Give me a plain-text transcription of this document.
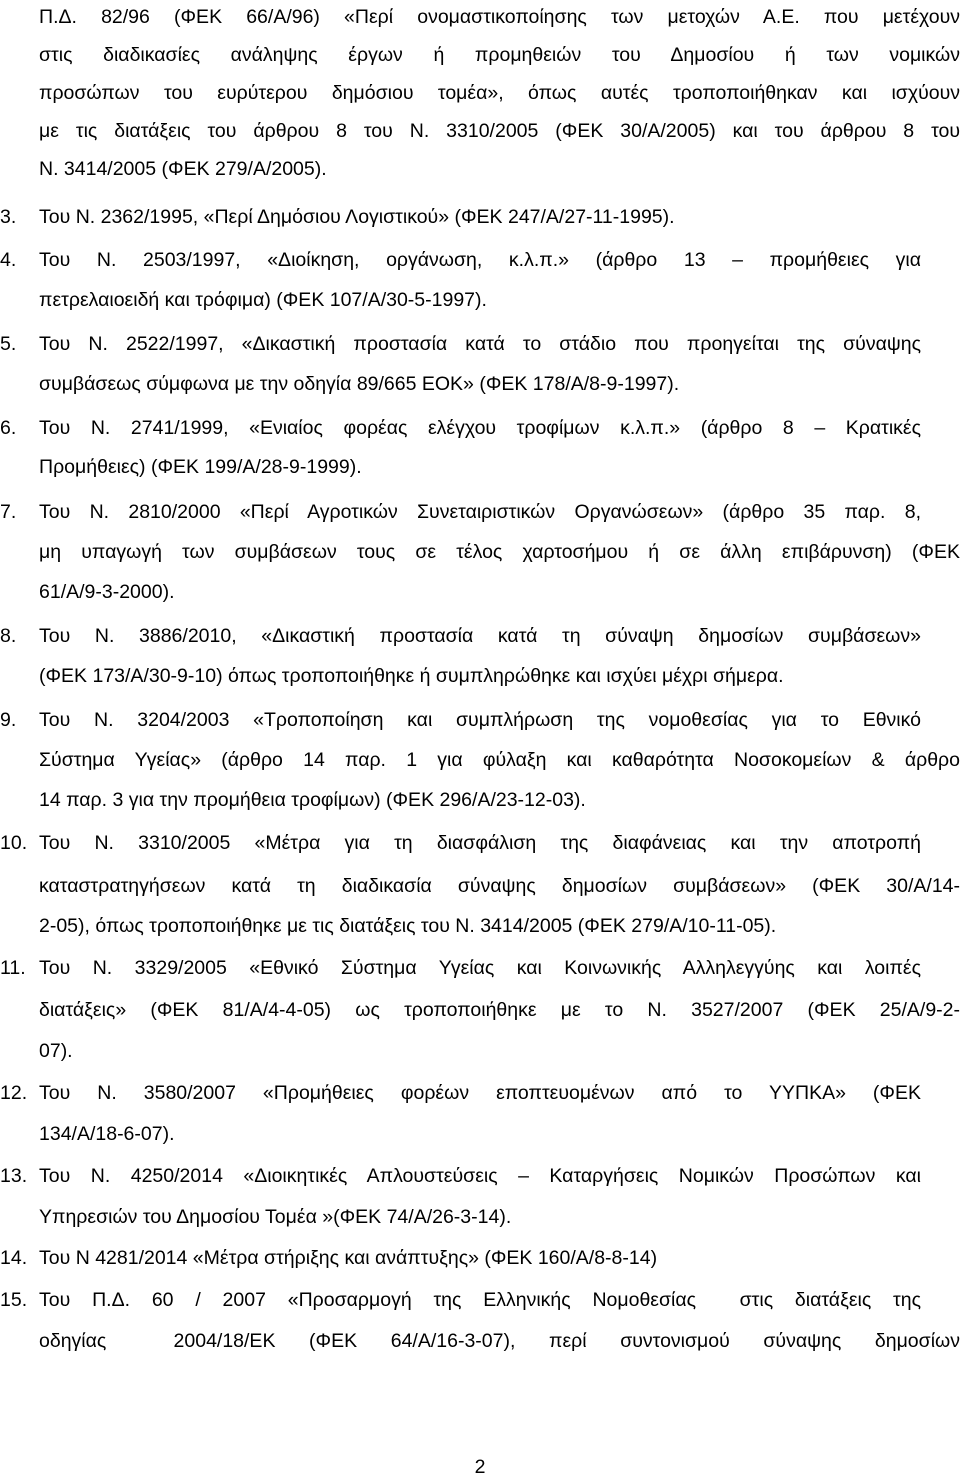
Π.Δ. 82/96 (ΦΕΚ 66/Α/96) «Περί ονομαστικοποίησης των μετοχών Α.Ε. που μετέχουν
στις διαδικασίες ανάληψης έργων ή προμηθειών του Δημοσίου ή των νομικών
προσώπων του ευρύτερου δημόσιου τομέα», όπως αυτές τροποποιήθηκαν και ισχύουν
με τις διατάξεις του άρθρου 8 του Ν. 3310/2005 (ΦΕΚ 30/Α/2005) και του άρθρου 8 του
Ν. 3414/2005 (ΦΕΚ 279/Α/2005).
3. Του Ν. 2362/1995, «Περί Δημόσιου Λογιστικού» (ΦΕΚ 247/Α/27-11-1995).
4. Του Ν. 2503/1997, «Διοίκηση, οργάνωση, κ.λ.π.» (άρθρο 13 – προμήθειες για
πετρελαιοειδή και τρόφιμα) (ΦΕΚ 107/Α/30-5-1997).
5. Του Ν. 2522/1997, «Δικαστική προστασία κατά το στάδιο που προηγείται της σύναψης
συμβάσεως σύμφωνα με την οδηγία 89/665 ΕΟΚ» (ΦΕΚ 178/Α/8-9-1997).
6. Του Ν. 2741/1999, «Ενιαίος φορέας ελέγχου τροφίμων κ.λ.π.» (άρθρο 8 – Κρατικές
Προμήθειες) (ΦΕΚ 199/Α/28-9-1999).
7. Του Ν. 2810/2000 «Περί Αγροτικών Συνεταιριστικών Οργανώσεων» (άρθρο 35 παρ. 8,
μη υπαγωγή των συμβάσεων τους σε τέλος χαρτοσήμου ή σε άλλη επιβάρυνση) (ΦΕΚ
61/Α/9-3-2000).
8. Του Ν. 3886/2010, «Δικαστική προστασία κατά τη σύναψη δημοσίων συμβάσεων»
(ΦΕΚ 173/Α/30-9-10) όπως τροποποιήθηκε ή συμπληρώθηκε και ισχύει μέχρι σήμερα.
9. Του Ν. 3204/2003 «Τροποποίηση και συμπλήρωση της νομοθεσίας για το Εθνικό
Σύστημα Υγείας» (άρθρο 14 παρ. 1 για φύλαξη και καθαρότητα Νοσοκομείων & άρθρο
14 παρ. 3 για την προμήθεια τροφίμων) (ΦΕΚ 296/Α/23-12-03).
10. Του Ν. 3310/2005 «Μέτρα για τη διασφάλιση της διαφάνειας και την αποτροπή
καταστρατηγήσεων κατά τη διαδικασία σύναψης δημοσίων συμβάσεων» (ΦΕΚ 30/Α/14-
2-05), όπως τροποποιήθηκε με τις διατάξεις του Ν. 3414/2005 (ΦΕΚ 279/Α/10-11-05).
11. Του Ν. 3329/2005 «Εθνικό Σύστημα Υγείας και Κοινωνικής Αλληλεγγύης και λοιπές
διατάξεις» (ΦΕΚ 81/Α/4-4-05) ως τροποποιήθηκε με το Ν. 3527/2007 (ΦΕΚ 25/Α/9-2-
07).
12. Του Ν. 3580/2007 «Προμήθειες φορέων εποπτευομένων από το ΥΥΠΚΑ» (ΦΕΚ
134/Α/18-6-07).
13. Του Ν. 4250/2014 «Διοικητικές Απλουστεύσεις – Καταργήσεις Νομικών Προσώπων και
Υπηρεσιών του Δημοσίου Τομέα »(ΦΕΚ 74/Α/26-3-14).
14. Του Ν 4281/2014 «Μέτρα στήριξης και ανάπτυξης» (ΦΕΚ 160/Α/8-8-14)
15. Του Π.Δ. 60 / 2007 «Προσαρμογή της Ελληνικής Νομοθεσίας  στις διατάξεις της
οδηγίας  2004/18/ΕΚ (ΦΕΚ 64/Α/16-3-07), περί συντονισμού σύναψης δημοσίων
2
